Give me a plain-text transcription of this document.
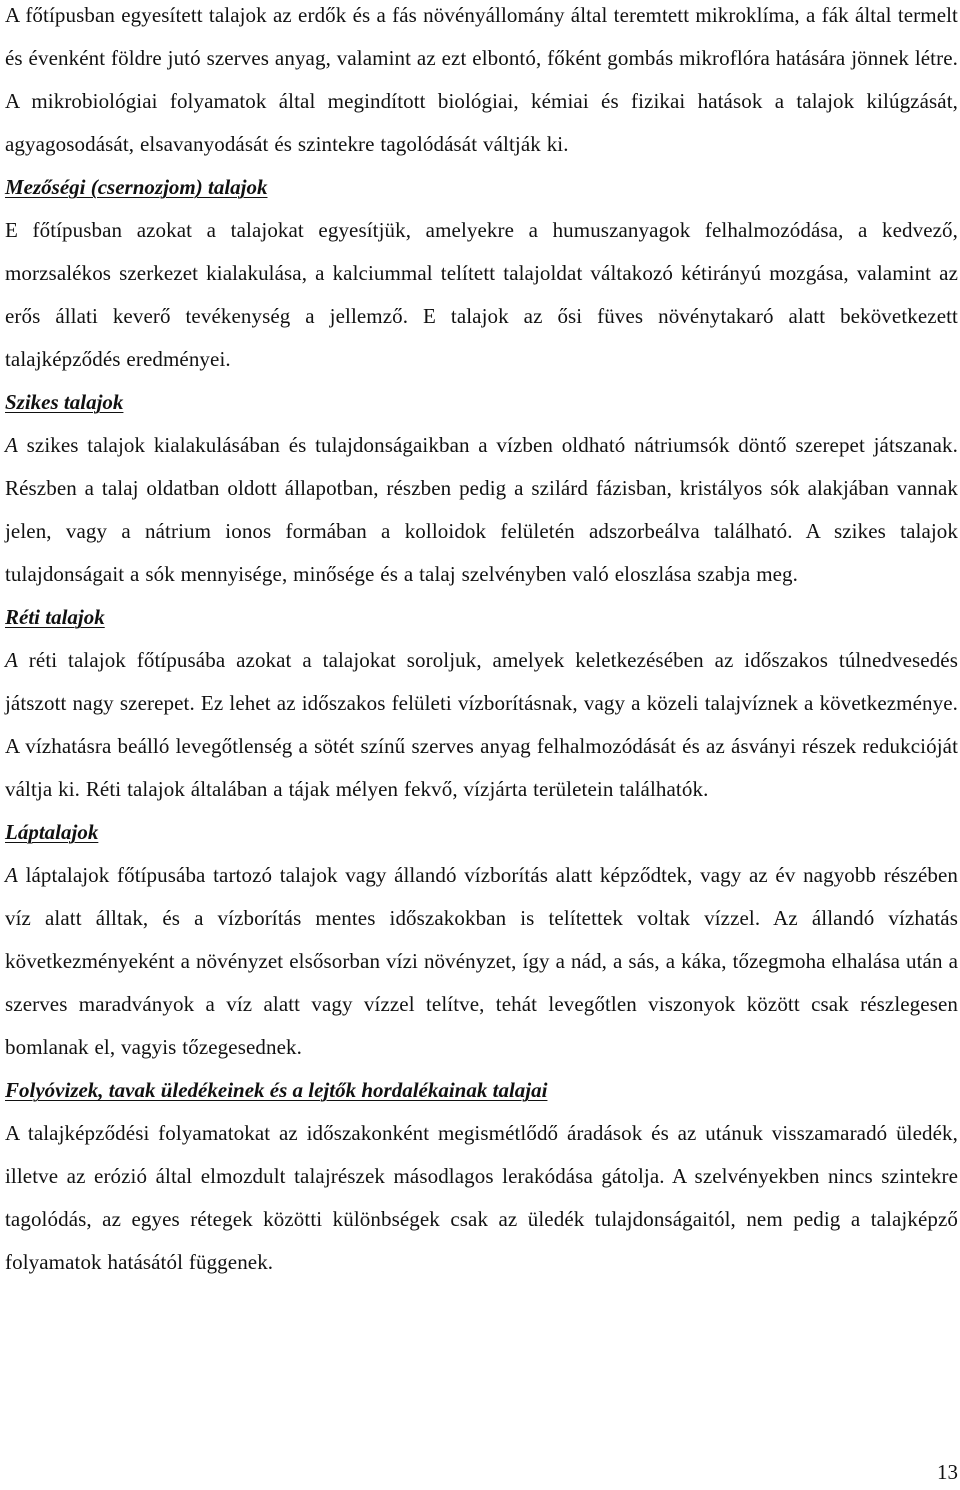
A főtípusban egyesített talajok az erdők és a fás növényállomány által teremtett mikroklíma, a fák által termelt és évenként földre jutó szerves anyag, valamint az ezt elbontó, főként gombás mikroflóra hatására jönnek létre. A mikrobiológiai folyamatok által megindított biológiai, kémiai és fizikai hatások a talajok kilúgzását, agyagosodását, elsavanyodását és szintekre tagolódását váltják ki.

Mezőségi (csernozjom) talajok

E főtípusban azokat a talajokat egyesítjük, amelyekre a humuszanyagok felhalmozódása, a kedvező, morzsalékos szerkezet kialakulása, a kalciummal telített talajoldat váltakozó kétirányú mozgása, valamint az erős állati keverő tevékenység a jellemző. E talajok az ősi füves növénytakaró alatt bekövetkezett talajképződés eredményei.

Szikes talajok

A szikes talajok kialakulásában és tulajdonságaikban a vízben oldható nátriumsók döntő szerepet játszanak. Részben a talaj oldatban oldott állapotban, részben pedig a szilárd fázisban, kristályos sók alakjában vannak jelen, vagy a nátrium ionos formában a kolloidok felületén adszorbeálva található. A szikes talajok tulajdonságait a sók mennyisége, minősége és a talaj szelvényben való eloszlása szabja meg.

Réti talajok

A réti talajok főtípusába azokat a talajokat soroljuk, amelyek keletkezésében az időszakos túlnedvesedés játszott nagy szerepet. Ez lehet az időszakos felületi vízborításnak, vagy a közeli talajvíznek a következménye. A vízhatásra beálló levegőtlenség a sötét színű szerves anyag felhalmozódását és az ásványi részek redukcióját váltja ki. Réti talajok általában a tájak mélyen fekvő, vízjárta területein találhatók.

Láptalajok

A láptalajok főtípusába tartozó talajok vagy állandó vízborítás alatt képződtek, vagy az év nagyobb részében víz alatt álltak, és a vízborítás mentes időszakokban is telítettek voltak vízzel. Az állandó vízhatás következményeként a növényzet elsősorban vízi növényzet, így a nád, a sás, a káka, tőzegmoha elhalása után a szerves maradványok a víz alatt vagy vízzel telítve, tehát levegőtlen viszonyok között csak részlegesen bomlanak el, vagyis tőzegesednek.

Folyóvizek, tavak üledékeinek és a lejtők hordalékainak talajai

A talajképződési folyamatokat az időszakonként megismétlődő áradások és az utánuk visszamaradó üledék, illetve az erózió által elmozdult talajrészek másodlagos lerakódása gátolja. A szelvényekben nincs szintekre tagolódás, az egyes rétegek közötti különbségek csak az üledék tulajdonságaitól, nem pedig a talajképző folyamatok hatásától függenek.

13
